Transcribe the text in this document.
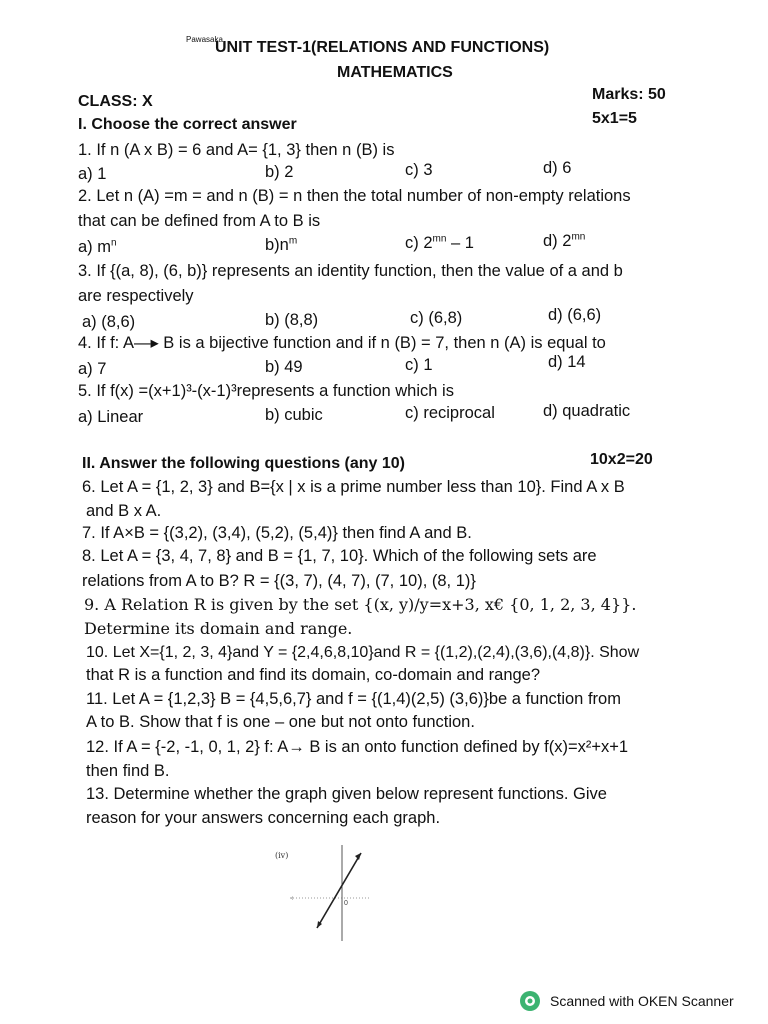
Pawasaka
UNIT TEST-1(RELATIONS AND FUNCTIONS)
MATHEMATICS
CLASS: X	Marks: 50
I. Choose the correct answer	5x1=5
1. If n (A x B) = 6 and A= {1, 3} then n (B) is
a) 1	b) 2	c) 3	d) 6
2. Let n (A) =m = and n (B) = n then the total number of non-empty relations
that can be defined from A to B is
a) $m^n$	$b)n^m$	c) $2^{mn} - 1$	d) $2^{mn}$
3. If {(a, 8), (6, b)} represents an identity function, then the value of a and b
are respectively
a) (8,6)	b) (8,8)	c) (6,8)	d) (6,6)
4. If f: A—▸ B is a bijective function and if n (B) = 7, then n (A) is equal to
a) 7	b) 49	c) 1	d) 14
5. If f(x) =(x+1)³-(x-1)³represents a function which is
a) Linear	b) cubic	c) reciprocal	d) quadratic
II. Answer the following questions (any 10)	10x2=20
6. Let A = {1, 2, 3} and B={x | x is a prime number less than 10}. Find A x B
and B x A.
7. If A×B = {(3,2), (3,4), (5,2), (5,4)} then find A and B.
8. Let A = {3, 4, 7, 8} and B = {1, 7, 10}. Which of the following sets are
relations from A to B? R = {(3, 7), (4, 7), (7, 10), (8, 1)}
9. A Relation R is given by the set {(x, y)/y=x+3, x€ {0, 1, 2, 3, 4}}.
Determine its domain and range.
10. Let X={1, 2, 3, 4}and Y = {2,4,6,8,10}and R = {(1,2),(2,4),(3,6),(4,8)}. Show
that R is a function and find its domain, co-domain and range?
11. Let A = {1,2,3} B = {4,5,6,7} and f = {(1,4)(2,5) (3,6)}be a function from
A to B. Show that f is one – one but not onto function.
12. If A = {-2, -1, 0, 1, 2} f: A→ B is an onto function defined by f(x)=x²+x+1
then find B.
13. Determine whether the graph given below represent functions. Give
reason for your answers concerning each graph.
(iv)
0
‹
Scanned with OKEN Scanner
